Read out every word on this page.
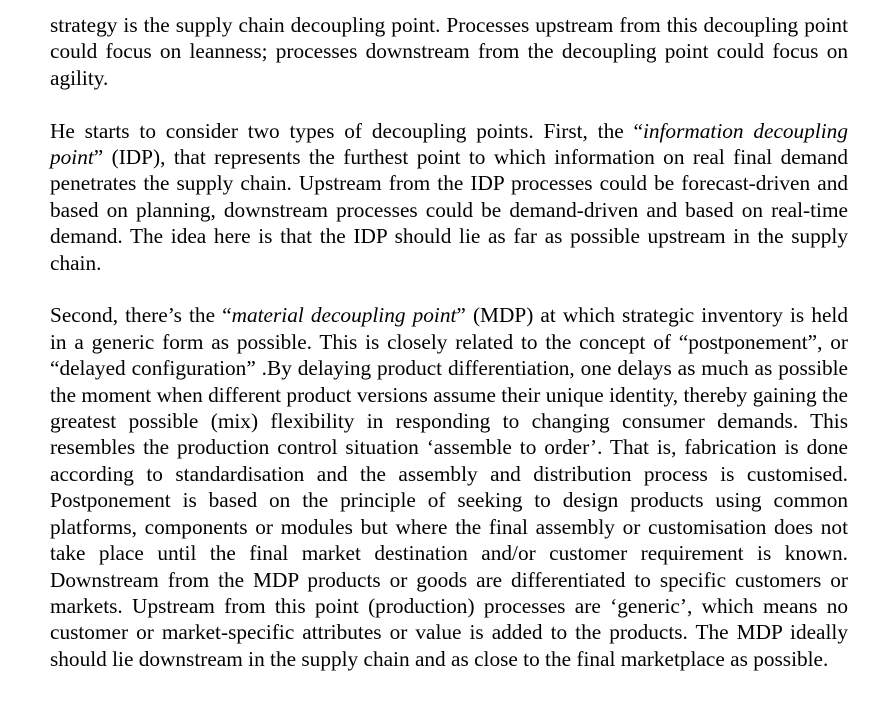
strategy is the supply chain decoupling point. Processes upstream from this decoupling point could focus on leanness; processes downstream from the decoupling point could focus on agility.

He starts to consider two types of decoupling points. First, the “information decoupling point” (IDP), that represents the furthest point to which information on real final demand penetrates the supply chain. Upstream from the IDP processes could be forecast-driven and based on planning, downstream processes could be demand-driven and based on real-time demand. The idea here is that the IDP should lie as far as possible upstream in the supply chain.

Second, there’s the “material decoupling point” (MDP) at which strategic inventory is held in a generic form as possible. This is closely related to the concept of “postponement”, or “delayed configuration” .By delaying product differentiation, one delays as much as possible the moment when different product versions assume their unique identity, thereby gaining the greatest possible (mix) flexibility in responding to changing consumer demands. This resembles the production control situation ‘assemble to order’. That is, fabrication is done according to standardisation and the assembly and distribution process is customised. Postponement is based on the principle of seeking to design products using common platforms, components or modules but where the final assembly or customisation does not take place until the final market destination and/or customer requirement is known. Downstream from the MDP products or goods are differentiated to specific customers or markets. Upstream from this point (production) processes are ‘generic’, which means no customer or market-specific attributes or value is added to the products. The MDP ideally should lie downstream in the supply chain and as close to the final marketplace as possible.
